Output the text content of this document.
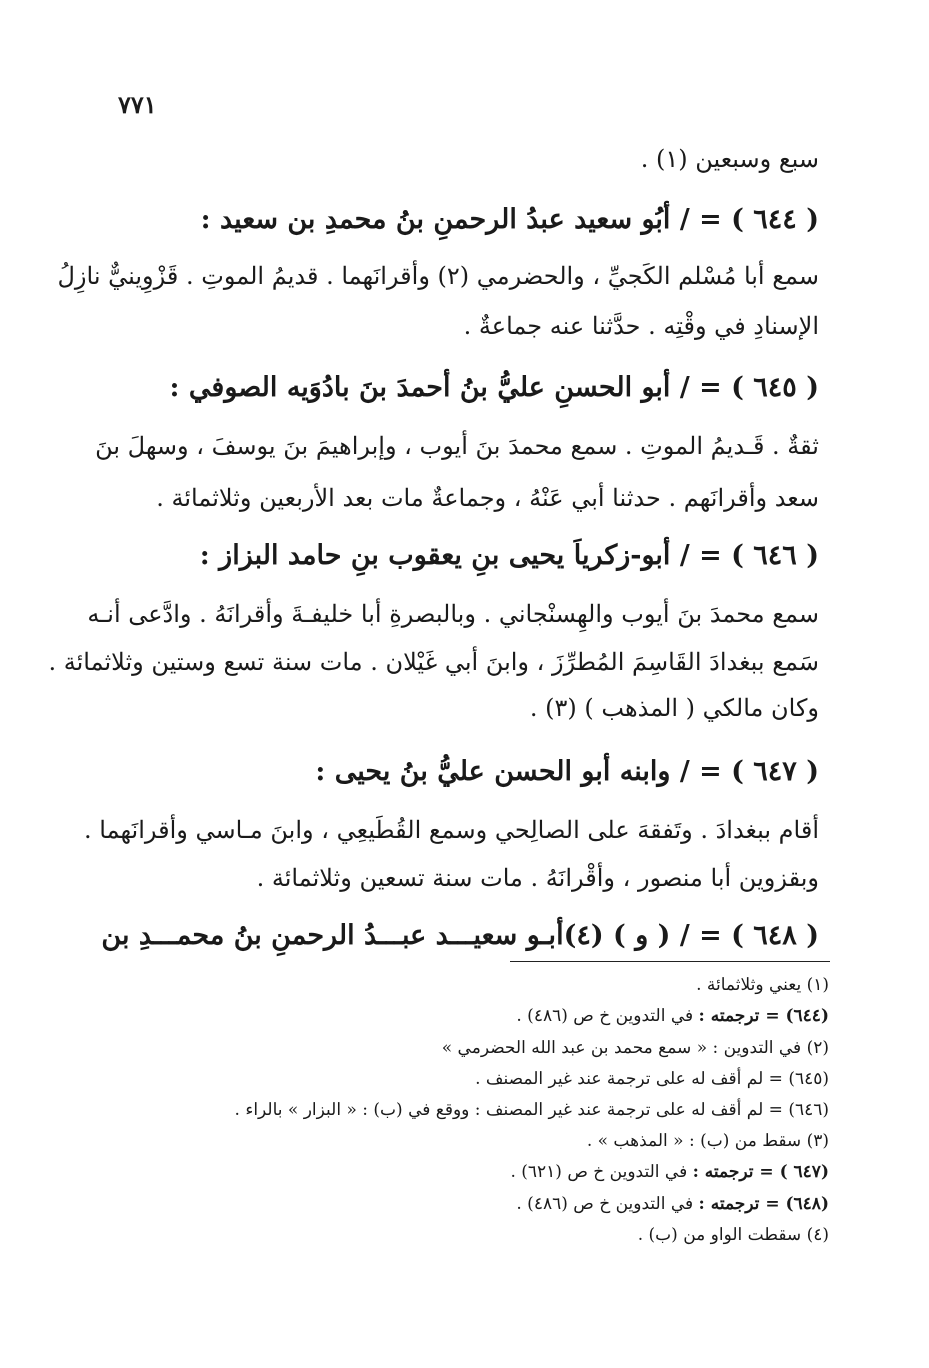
٧٧١
سبع وسبعين (١) .
( ٦٤٤ ) = / أبُو سعيد عبدُ الرحمنِ بنُ محمدِ بن سعيد :
سمع أبا مُسْلم الكَجيِّ ، والحضرمي (٢) وأقرانَهما . قديمُ الموتِ . قَزْوِينيٌّ نازِلُ
الإسنادِ في وقْتِه . حدَّثنا عنه جماعةٌ .
( ٦٤٥ ) = / أبو الحسنِ عليُّ بنُ أحمدَ بنَ بادُوَيه الصوفي :
ثقةٌ . قَـديمُ الموتِ . سمع محمدَ بنَ أيوب ، وإبراهيمَ بنَ يوسفَ ، وسهلَ بنَ
سعد وأقرانَهم . حدثنا أبي عَنْهُ ، وجماعةٌ مات بعد الأربعين وثلاثمائة .
( ٦٤٦ ) = / أبو-زكرياَ يحيى بنِ يعقوب بنِ حامد البزاز :
سمع محمدَ بنَ أيوب والهِسنْجاني . وبالبصرةِ أبا خليفـةَ وأقرانَهُ . وادَّعى أنـه
سَمع ببغدادَ القَاسِمَ المُطرِّزَ ، وابنَ أبي غَيْلان . مات سنة تسع وستين وثلاثمائة .
وكان مالكي ( المذهب ) (٣) .
( ٦٤٧ ) = / وابنه أبو الحسن عليُّ بنُ يحيى :
أقام ببغدادَ . وتَفقهَ على الصالِحي وسمع القُطَيعِي ، وابنَ مـاسي وأقرانَهما .
وبقزوين أبا منصور ، وأقْرانَهُ . مات سنة تسعين وثلاثمائة .
( ٦٤٨ ) = / ( و ) (٤)أبـو سعيـــد عبـــدُ الرحمنِ بنُ محمـــدِ بن
(١) يعني وثلاثمائة .
(٦٤٤) = ترجمته : في التدوين خ ص (٤٨٦) .
(٢) في التدوين : « سمع محمد بن عبد الله الحضرمي »
(٦٤٥) = لم أقف له على ترجمة عند غير المصنف .
(٦٤٦) = لم أقف له على ترجمة عند غير المصنف : ووقع في (ب) : « البزار » بالراء .
(٣) سقط من (ب) : « المذهب » .
(٦٤٧ ) = ترجمته : في التدوين خ ص (٦٢١) .
(٦٤٨) = ترجمته : في التدوين خ ص (٤٨٦) .
(٤) سقطت الواو من (ب) .
